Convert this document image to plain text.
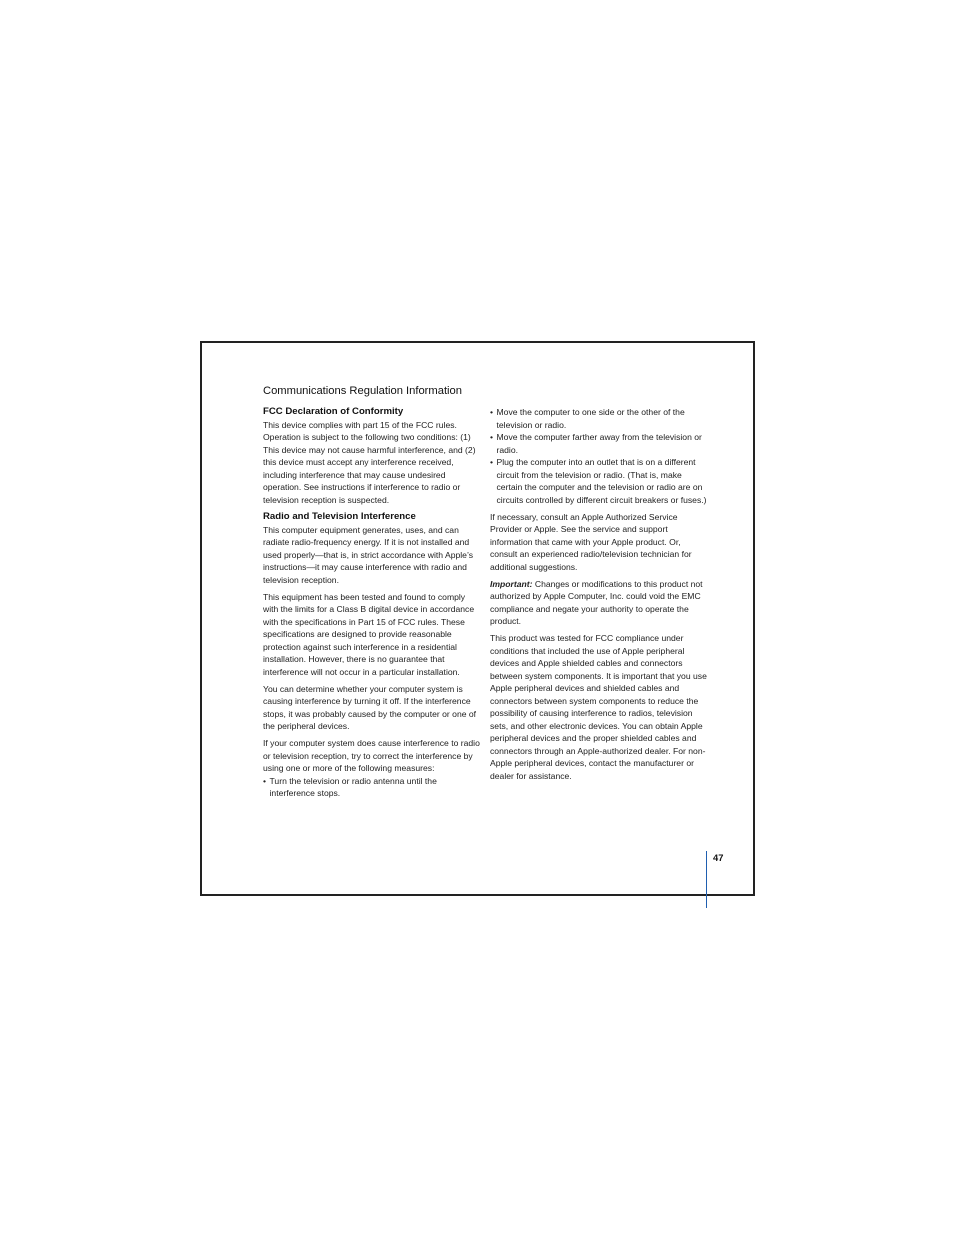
Communications Regulation Information
FCC Declaration of Conformity

This device complies with part 15 of the FCC rules. Operation is subject to the following two conditions: (1) This device may not cause harmful interference, and (2) this device must accept any interference received, including interference that may cause undesired operation. See instructions if interference to radio or television reception is suspected.

Radio and Television Interference

This computer equipment generates, uses, and can radiate radio-frequency energy. If it is not installed and used properly—that is, in strict accordance with Apple’s instructions—it may cause interference with radio and television reception.

This equipment has been tested and found to comply with the limits for a Class B digital device in accordance with the specifications in Part 15 of FCC rules. These specifications are designed to provide reasonable protection against such interference in a residential installation. However, there is no guarantee that interference will not occur in a particular installation.

You can determine whether your computer system is causing interference by turning it off. If the interference stops, it was probably caused by the computer or one of the peripheral devices.

If your computer system does cause interference to radio or television reception, try to correct the interference by using one or more of the following measures:

• Turn the television or radio antenna until the interference stops.
• Move the computer to one side or the other of the television or radio.
• Move the computer farther away from the television or radio.
• Plug the computer into an outlet that is on a different circuit from the television or radio. (That is, make certain the computer and the television or radio are on circuits controlled by different circuit breakers or fuses.)

If necessary, consult an Apple Authorized Service Provider or Apple. See the service and support information that came with your Apple product. Or, consult an experienced radio/television technician for additional suggestions.

Important: Changes or modifications to this product not authorized by Apple Computer, Inc. could void the EMC compliance and negate your authority to operate the product.

This product was tested for FCC compliance under conditions that included the use of Apple peripheral devices and Apple shielded cables and connectors between system components. It is important that you use Apple peripheral devices and shielded cables and connectors between system components to reduce the possibility of causing interference to radios, television sets, and other electronic devices. You can obtain Apple peripheral devices and the proper shielded cables and connectors through an Apple-authorized dealer. For non-Apple peripheral devices, contact the manufacturer or dealer for assistance.

47
